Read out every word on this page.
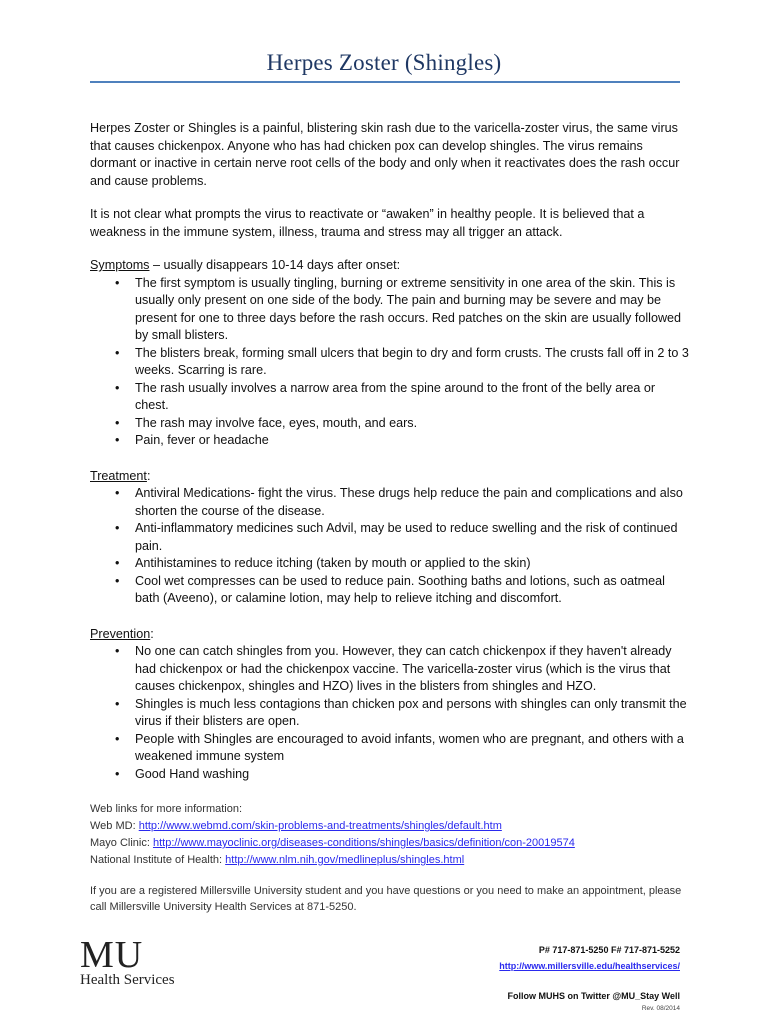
Herpes Zoster (Shingles)

Herpes Zoster or Shingles is a painful, blistering skin rash due to the varicella-zoster virus, the same virus that causes chickenpox. Anyone who has had chicken pox can develop shingles. The virus remains dormant or inactive in certain nerve root cells of the body and only when it reactivates does the rash occur and cause problems.

It is not clear what prompts the virus to reactivate or “awaken” in healthy people. It is believed that a weakness in the immune system, illness, trauma and stress may all trigger an attack.

Symptoms – usually disappears 10-14 days after onset:
• The first symptom is usually tingling, burning or extreme sensitivity in one area of the skin. This is usually only present on one side of the body. The pain and burning may be severe and may be present for one to three days before the rash occurs. Red patches on the skin are usually followed by small blisters.
• The blisters break, forming small ulcers that begin to dry and form crusts. The crusts fall off in 2 to 3 weeks. Scarring is rare.
• The rash usually involves a narrow area from the spine around to the front of the belly area or chest.
• The rash may involve face, eyes, mouth, and ears.
• Pain, fever or headache
Treatment:
• Antiviral Medications- fight the virus. These drugs help reduce the pain and complications and also shorten the course of the disease.
• Anti-inflammatory medicines such Advil, may be used to reduce swelling and the risk of continued pain.
• Antihistamines to reduce itching (taken by mouth or applied to the skin)
• Cool wet compresses can be used to reduce pain. Soothing baths and lotions, such as oatmeal bath (Aveeno), or calamine lotion, may help to relieve itching and discomfort.
Prevention:
• No one can catch shingles from you. However, they can catch chickenpox if they haven't already had chickenpox or had the chickenpox vaccine. The varicella-zoster virus (which is the virus that causes chickenpox, shingles and HZO) lives in the blisters from shingles and HZO.
• Shingles is much less contagions than chicken pox and persons with shingles can only transmit the virus if their blisters are open.
• People with Shingles are encouraged to avoid infants, women who are pregnant, and others with a weakened immune system
• Good Hand washing
Web links for more information:
Web MD: http://www.webmd.com/skin-problems-and-treatments/shingles/default.htm
Mayo Clinic: http://www.mayoclinic.org/diseases-conditions/shingles/basics/definition/con-20019574
National Institute of Health: http://www.nlm.nih.gov/medlineplus/shingles.html
If you are a registered Millersville University student and you have questions or you need to make an appointment, please call Millersville University Health Services at 871-5250.
MU
Health Services
P# 717-871-5250 F# 717-871-5252
http://www.millersville.edu/healthservices/
Follow MUHS on Twitter @MU_Stay Well
Rev. 08/2014
